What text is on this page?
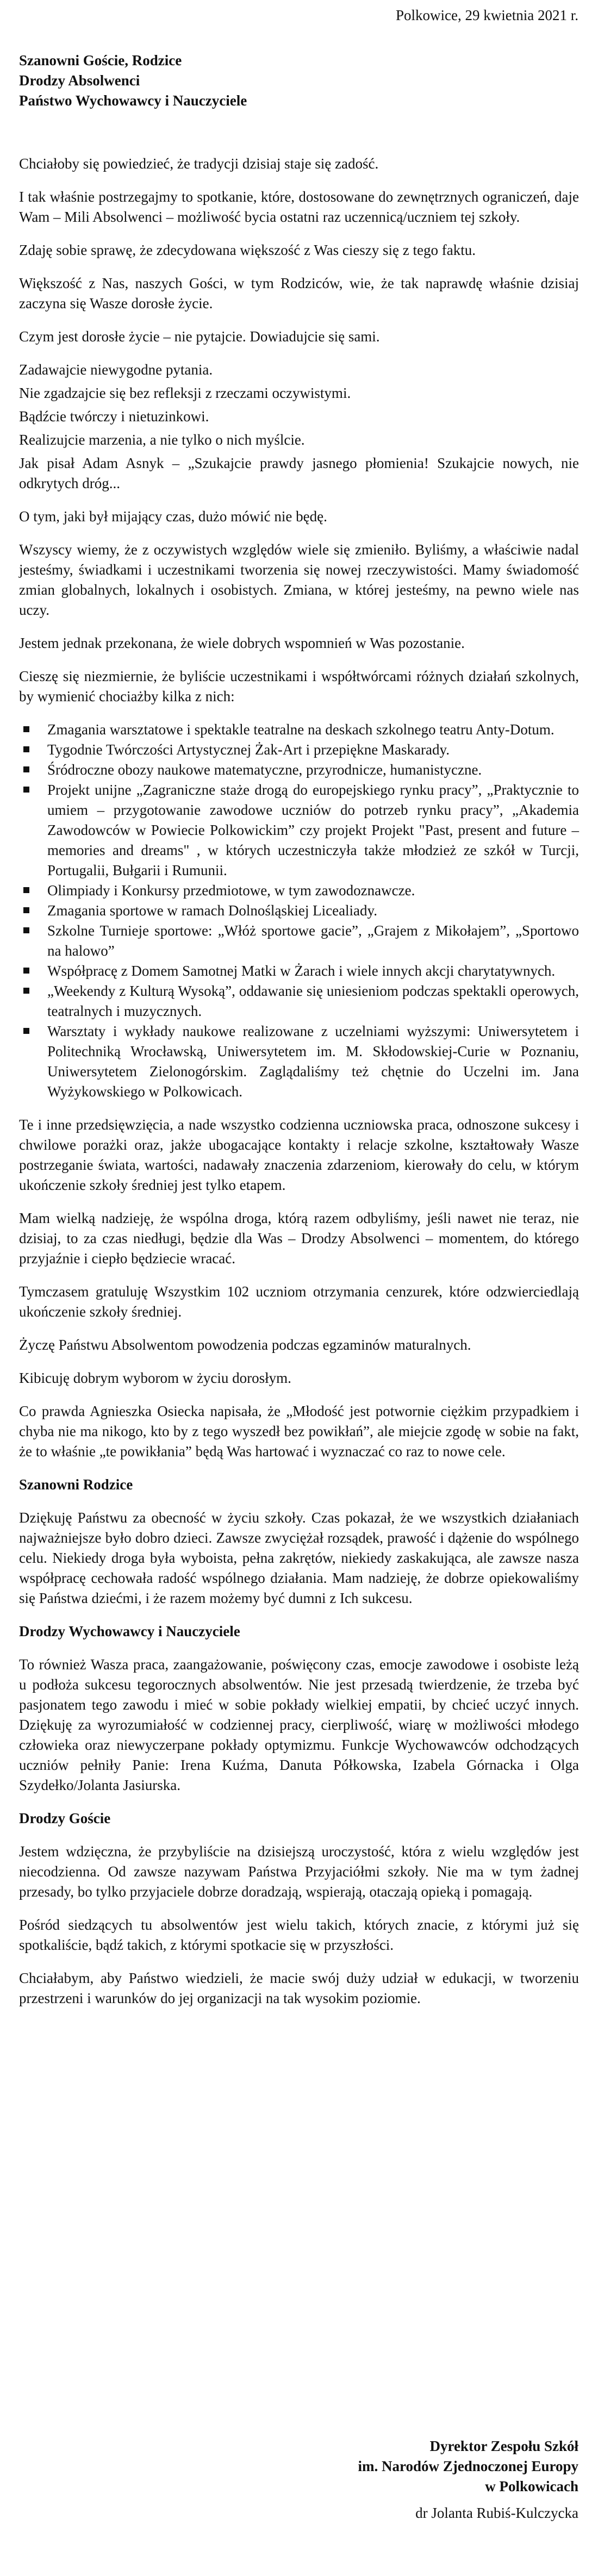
Polkowice, 29 kwietnia 2021 r.
Szanowni Goście, Rodzice
Drodzy Absolwenci
Państwo Wychowawcy i Nauczyciele

Chciałoby się powiedzieć, że tradycji dzisiaj staje się zadość.

I tak właśnie postrzegajmy to spotkanie, które, dostosowane do zewnętrznych ograniczeń, daje Wam – Mili Absolwenci – możliwość bycia ostatni raz uczennicą/uczniem tej szkoły.

Zdaję sobie sprawę, że zdecydowana większość z Was cieszy się z tego faktu.

Większość z Nas, naszych Gości, w tym Rodziców, wie, że tak naprawdę właśnie dzisiaj zaczyna się Wasze dorosłe życie.

Czym jest dorosłe życie – nie pytajcie. Dowiadujcie się sami.

Zadawajcie niewygodne pytania.

Nie zgadzajcie się bez refleksji z rzeczami oczywistymi.

Bądźcie twórczy i nietuzinkowi.

Realizujcie marzenia, a nie tylko o nich myślcie.

Jak pisał Adam Asnyk – „Szukajcie prawdy jasnego płomienia! Szukajcie nowych, nie odkrytych dróg...

O tym, jaki był mijający czas, dużo mówić nie będę.

Wszyscy wiemy, że z oczywistych względów wiele się zmieniło. Byliśmy, a właściwie nadal jesteśmy, świadkami i uczestnikami tworzenia się nowej rzeczywistości. Mamy świadomość zmian globalnych, lokalnych i osobistych. Zmiana, w której jesteśmy, na pewno wiele nas uczy.

Jestem jednak przekonana, że wiele dobrych wspomnień w Was pozostanie.

Cieszę się niezmiernie, że byliście uczestnikami i współtwórcami różnych działań szkolnych, by wymienić chociażby kilka z nich:

Zmagania warsztatowe i spektakle teatralne na deskach szkolnego teatru Anty-Dotum.
Tygodnie Twórczości Artystycznej Żak-Art i przepiękne Maskarady.
Śródroczne obozy naukowe matematyczne, przyrodnicze, humanistyczne.
Projekt unijne „Zagraniczne staże drogą do europejskiego rynku pracy”, „Praktycznie to umiem – przygotowanie zawodowe uczniów do potrzeb rynku pracy”, „Akademia Zawodowców w Powiecie Polkowickim” czy projekt Projekt "Past, present and future – memories and dreams" , w których uczestniczyła także młodzież ze szkół w Turcji, Portugalii, Bułgarii i Rumunii.
Olimpiady i Konkursy przedmiotowe, w tym zawodoznawcze.
Zmagania sportowe w ramach Dolnośląskiej Licealiady.
Szkolne Turnieje sportowe: „Włóż sportowe gacie”, „Grajem z Mikołajem”, „Sportowo na halowo”
Współpracę z Domem Samotnej Matki w Żarach i wiele innych akcji charytatywnych.
„Weekendy z Kulturą Wysoką”, oddawanie się uniesieniom podczas spektakli operowych, teatralnych i muzycznych.
Warsztaty i wykłady naukowe realizowane z uczelniami wyższymi: Uniwersytetem i Politechniką Wrocławską, Uniwersytetem im. M. Skłodowskiej-Curie w Poznaniu, Uniwersytetem Zielonogórskim. Zaglądaliśmy też chętnie do Uczelni im. Jana Wyżykowskiego w Polkowicach.

Te i inne przedsięwzięcia, a nade wszystko codzienna uczniowska praca, odnoszone sukcesy i chwilowe porażki oraz, jakże ubogacające kontakty i relacje szkolne, kształtowały Wasze postrzeganie świata, wartości, nadawały znaczenia zdarzeniom, kierowały do celu, w którym ukończenie szkoły średniej jest tylko etapem.

Mam wielką nadzieję, że wspólna droga, którą razem odbyliśmy, jeśli nawet nie teraz, nie dzisiaj, to za czas niedługi, będzie dla Was – Drodzy Absolwenci – momentem, do którego przyjaźnie i ciepło będziecie wracać.

Tymczasem gratuluję Wszystkim 102 uczniom otrzymania cenzurek, które odzwierciedlają ukończenie szkoły średniej.

Życzę Państwu Absolwentom powodzenia podczas egzaminów maturalnych.

Kibicuję dobrym wyborom w życiu dorosłym.

Co prawda Agnieszka Osiecka napisała, że „Młodość jest potwornie ciężkim przypadkiem i chyba nie ma nikogo, kto by z tego wyszedł bez powikłań”, ale miejcie zgodę w sobie na fakt, że to właśnie „te powikłania” będą Was hartować i wyznaczać co raz to nowe cele.

Szanowni Rodzice

Dziękuję Państwu za obecność w życiu szkoły. Czas pokazał, że we wszystkich działaniach najważniejsze było dobro dzieci. Zawsze zwyciężał rozsądek, prawość i dążenie do wspólnego celu. Niekiedy droga była wyboista, pełna zakrętów, niekiedy zaskakująca, ale zawsze nasza współpracę cechowała radość wspólnego działania. Mam nadzieję, że dobrze opiekowaliśmy się Państwa dziećmi, i że razem możemy być dumni z Ich sukcesu.

Drodzy Wychowawcy i Nauczyciele

To również Wasza praca, zaangażowanie, poświęcony czas, emocje zawodowe i osobiste leżą u podłoża sukcesu tegorocznych absolwentów. Nie jest przesadą twierdzenie, że trzeba być pasjonatem tego zawodu i mieć w sobie pokłady wielkiej empatii, by chcieć uczyć innych. Dziękuję za wyrozumiałość w codziennej pracy, cierpliwość, wiarę w możliwości młodego człowieka oraz niewyczerpane pokłady optymizmu. Funkcje Wychowawców odchodzących uczniów pełniły Panie: Irena Kuźma, Danuta Półkowska, Izabela Górnacka i Olga Szydełko/Jolanta Jasiurska.

Drodzy Goście

Jestem wdzięczna, że przybyliście na dzisiejszą uroczystość, która z wielu względów jest niecodzienna. Od zawsze nazywam Państwa Przyjaciółmi szkoły. Nie ma w tym żadnej przesady, bo tylko przyjaciele dobrze doradzają, wspierają, otaczają opieką i pomagają.

Pośród siedzących tu absolwentów jest wielu takich, których znacie, z którymi już się spotkaliście, bądź takich, z którymi spotkacie się w przyszłości.

Chciałabym, aby Państwo wiedzieli, że macie swój duży udział w edukacji, w tworzeniu przestrzeni i warunków do jej organizacji na tak wysokim poziomie.

Dyrektor Zespołu Szkół
im. Narodów Zjednoczonej Europy
w Polkowicach
dr Jolanta Rubiś-Kulczycka
